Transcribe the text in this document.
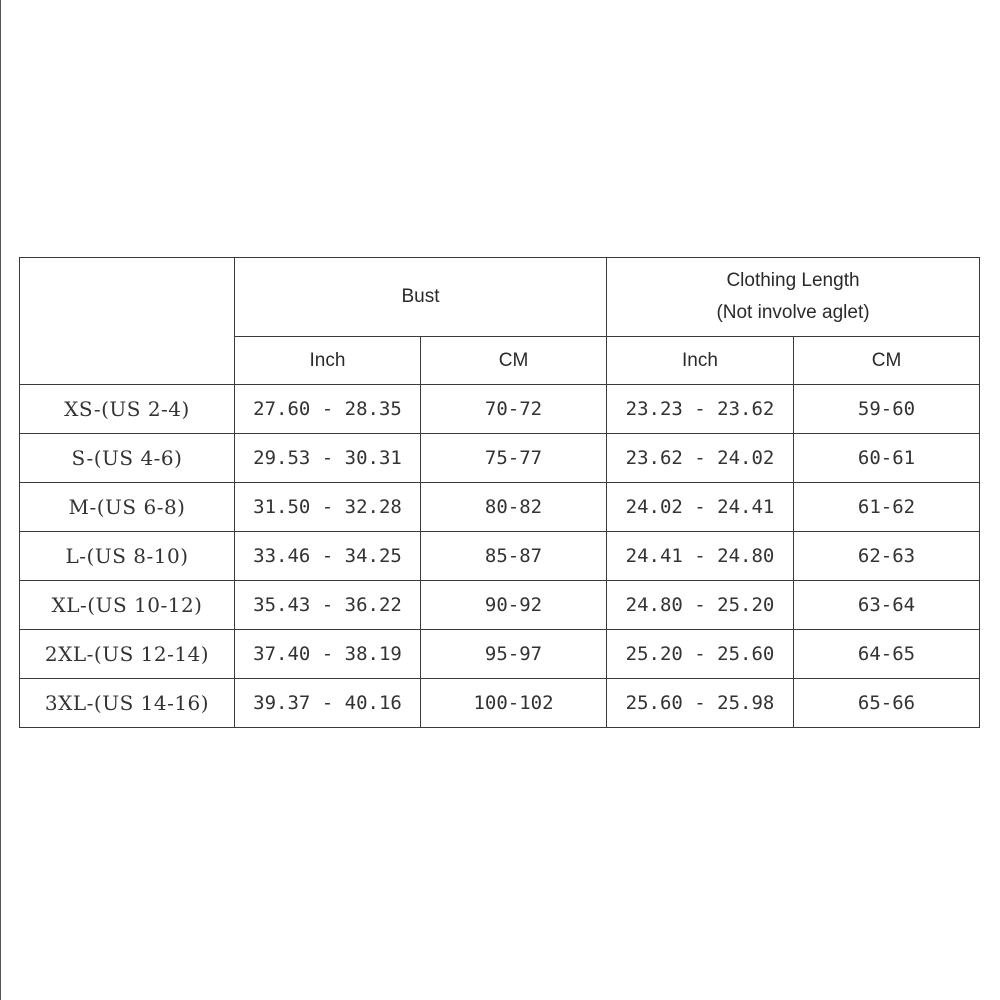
	Bust		Clothing Length
(Not involve aglet)	

	Inch	CM	Inch	CM
XS-(US 2-4)	27.60 - 28.35	70-72	23.23 - 23.62	59-60
S-(US 4-6)	29.53 - 30.31	75-77	23.62 - 24.02	60-61
M-(US 6-8)	31.50 - 32.28	80-82	24.02 - 24.41	61-62
L-(US 8-10)	33.46 - 34.25	85-87	24.41 - 24.80	62-63
XL-(US 10-12)	35.43 - 36.22	90-92	24.80 - 25.20	63-64
2XL-(US 12-14)	37.40 - 38.19	95-97	25.20 - 25.60	64-65
3XL-(US 14-16)	39.37 - 40.16	100-102	25.60 - 25.98	65-66
